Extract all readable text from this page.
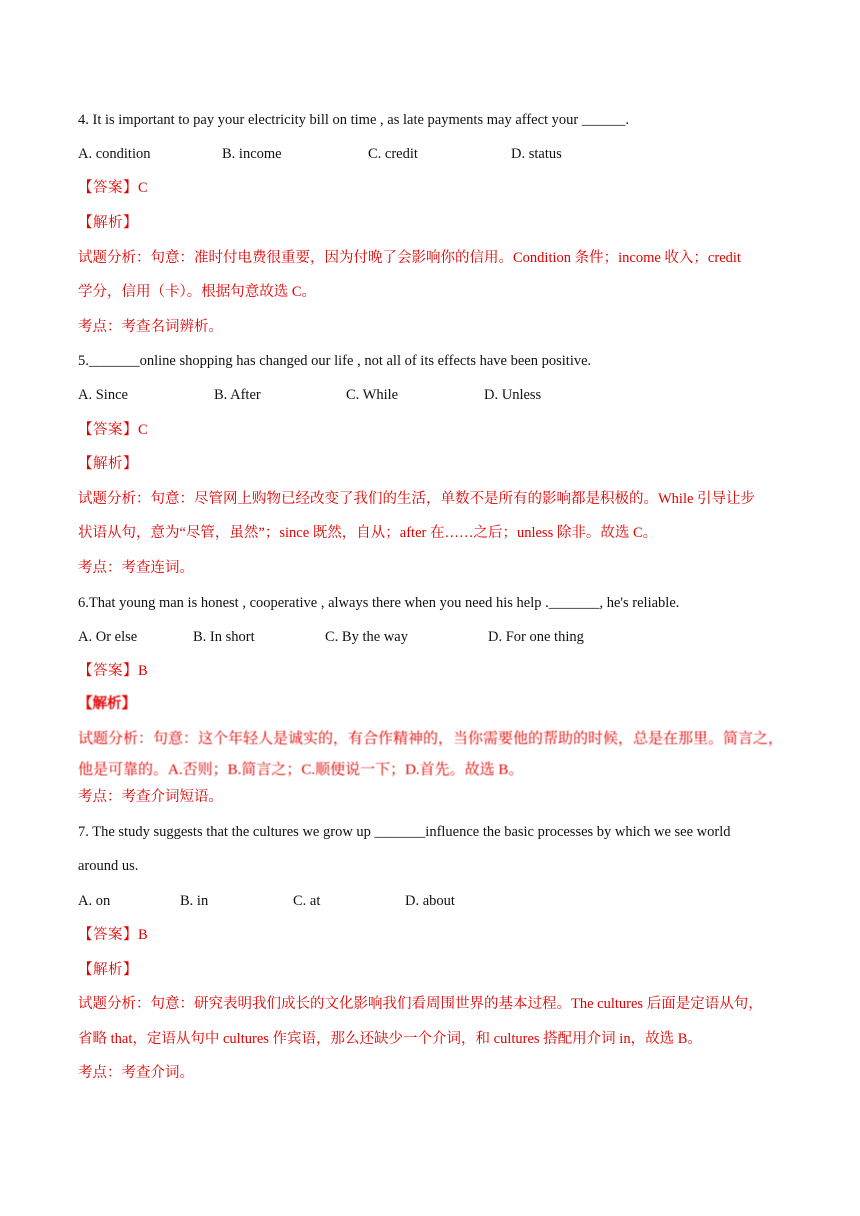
4. It is important to pay your electricity bill on time , as late payments may affect your ______.
A. condition	B. income	C. credit	D. status
【答案】C
【解析】
试题分析：句意：准时付电费很重要，因为付晚了会影响你的信用。Condition 条件；income 收入；credit
学分，信用（卡）。根据句意故选 C。
考点：考查名词辨析。
5._______online shopping has changed our life , not all of its effects have been positive.
A. Since	B. After	C. While	D. Unless
【答案】C
【解析】
试题分析：句意：尽管网上购物已经改变了我们的生活，单数不是所有的影响都是积极的。While 引导让步
状语从句，意为“尽管，虽然”；since 既然，自从；after 在……之后；unless 除非。故选 C。
考点：考查连词。
6.That young man is honest , cooperative , always there when you need his help ._______, he's reliable.
A. Or else	B. In short	C. By the way	D. For one thing
【答案】B
【解析】
试题分析：句意：这个年轻人是诚实的，有合作精神的，当你需要他的帮助的时候，总是在那里。简言之，
他是可靠的。A.否则；B.简言之；C.顺便说一下；D.首先。故选 B。
考点：考查介词短语。
7. The study suggests that the cultures we grow up _______influence the basic processes by which we see world
around us.
A. on	B. in	C. at	D. about
【答案】B
【解析】
试题分析：句意：研究表明我们成长的文化影响我们看周围世界的基本过程。The cultures 后面是定语从句，
省略 that，定语从句中 cultures 作宾语，那么还缺少一个介词，和 cultures 搭配用介词 in，故选 B。
考点：考查介词。
